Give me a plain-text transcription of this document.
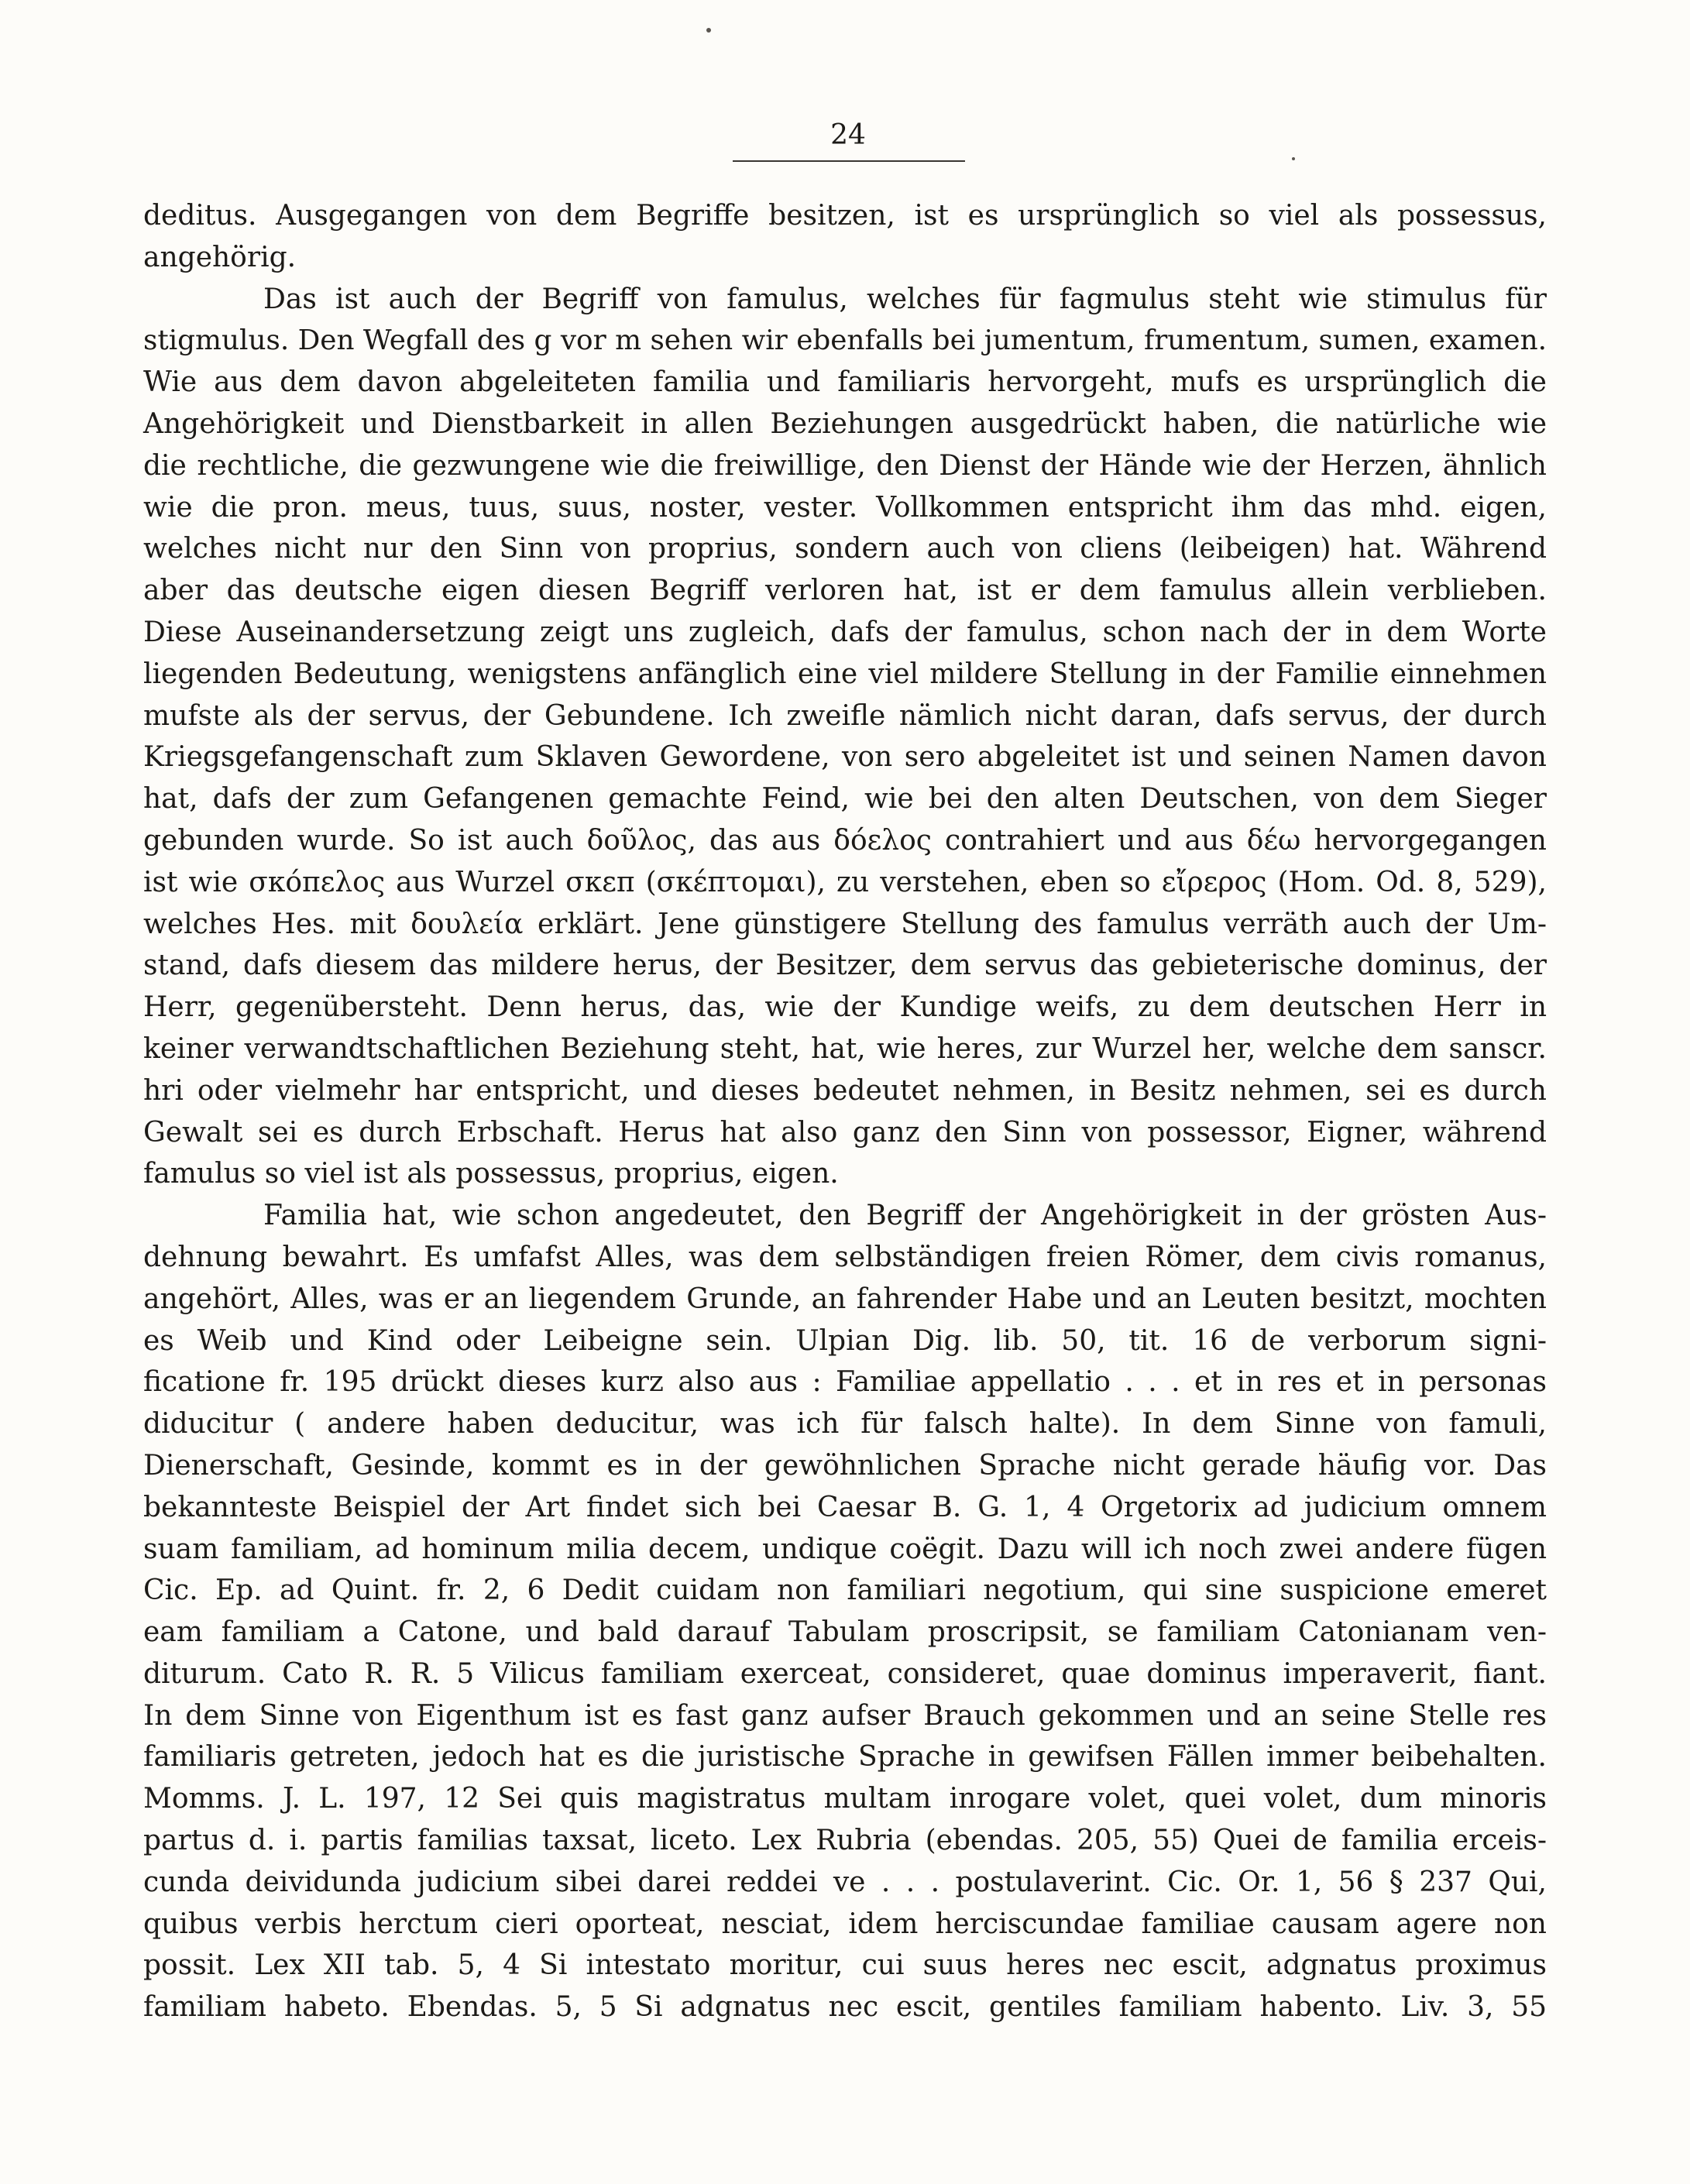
24
deditus. Ausgegangen von dem Begriffe besitzen, ist es ursprünglich so viel als possessus,
angehörig.
Das ist auch der Begriff von famulus, welches für fagmulus steht wie stimulus für
stigmulus. Den Wegfall des g vor m sehen wir ebenfalls bei jumentum, frumentum, sumen, examen.
Wie aus dem davon abgeleiteten familia und familiaris hervorgeht, mufs es ursprünglich die
Angehörigkeit und Dienstbarkeit in allen Beziehungen ausgedrückt haben, die natürliche wie
die rechtliche, die gezwungene wie die freiwillige, den Dienst der Hände wie der Herzen, ähnlich
wie die pron. meus, tuus, suus, noster, vester. Vollkommen entspricht ihm das mhd. eigen,
welches nicht nur den Sinn von proprius, sondern auch von cliens (leibeigen) hat. Während
aber das deutsche eigen diesen Begriff verloren hat, ist er dem famulus allein verblieben.
Diese Auseinandersetzung zeigt uns zugleich, dafs der famulus, schon nach der in dem Worte
liegenden Bedeutung, wenigstens anfänglich eine viel mildere Stellung in der Familie einnehmen
mufste als der servus, der Gebundene. Ich zweifle nämlich nicht daran, dafs servus, der durch
Kriegsgefangenschaft zum Sklaven Gewordene, von sero abgeleitet ist und seinen Namen davon
hat, dafs der zum Gefangenen gemachte Feind, wie bei den alten Deutschen, von dem Sieger
gebunden wurde. So ist auch δοῦλος, das aus δόελος contrahiert und aus δέω hervorgegangen
ist wie σκόπελος aus Wurzel σκεπ (σκέπτομαι), zu verstehen, eben so εἴρερος (Hom. Od. 8, 529),
welches Hes. mit δουλεία erklärt. Jene günstigere Stellung des famulus verräth auch der Um-
stand, dafs diesem das mildere herus, der Besitzer, dem servus das gebieterische dominus, der
Herr, gegenübersteht. Denn herus, das, wie der Kundige weifs, zu dem deutschen Herr in
keiner verwandtschaftlichen Beziehung steht, hat, wie heres, zur Wurzel her, welche dem sanscr.
hri oder vielmehr har entspricht, und dieses bedeutet nehmen, in Besitz nehmen, sei es durch
Gewalt sei es durch Erbschaft. Herus hat also ganz den Sinn von possessor, Eigner, während
famulus so viel ist als possessus, proprius, eigen.
Familia hat, wie schon angedeutet, den Begriff der Angehörigkeit in der grösten Aus-
dehnung bewahrt. Es umfafst Alles, was dem selbständigen freien Römer, dem civis romanus,
angehört, Alles, was er an liegendem Grunde, an fahrender Habe und an Leuten besitzt, mochten
es Weib und Kind oder Leibeigne sein. Ulpian Dig. lib. 50, tit. 16 de verborum signi-
ficatione fr. 195 drückt dieses kurz also aus : Familiae appellatio . . . et in res et in personas
diducitur ( andere haben deducitur, was ich für falsch halte). In dem Sinne von famuli,
Dienerschaft, Gesinde, kommt es in der gewöhnlichen Sprache nicht gerade häufig vor. Das
bekannteste Beispiel der Art findet sich bei Caesar B. G. 1, 4 Orgetorix ad judicium omnem
suam familiam, ad hominum milia decem, undique coëgit. Dazu will ich noch zwei andere fügen
Cic. Ep. ad Quint. fr. 2, 6 Dedit cuidam non familiari negotium, qui sine suspicione emeret
eam familiam a Catone, und bald darauf Tabulam proscripsit, se familiam Catonianam ven-
diturum. Cato R. R. 5 Vilicus familiam exerceat, consideret, quae dominus imperaverit, fiant.
In dem Sinne von Eigenthum ist es fast ganz aufser Brauch gekommen und an seine Stelle res
familiaris getreten, jedoch hat es die juristische Sprache in gewifsen Fällen immer beibehalten.
Momms. J. L. 197, 12 Sei quis magistratus multam inrogare volet, quei volet, dum minoris
partus d. i. partis familias taxsat, liceto. Lex Rubria (ebendas. 205, 55) Quei de familia erceis-
cunda deividunda judicium sibei darei reddei ve . . . postulaverint. Cic. Or. 1, 56 § 237 Qui,
quibus verbis herctum cieri oporteat, nesciat, idem herciscundae familiae causam agere non
possit. Lex XII tab. 5, 4 Si intestato moritur, cui suus heres nec escit, adgnatus proximus
familiam habeto. Ebendas. 5, 5 Si adgnatus nec escit, gentiles familiam habento. Liv. 3, 55
